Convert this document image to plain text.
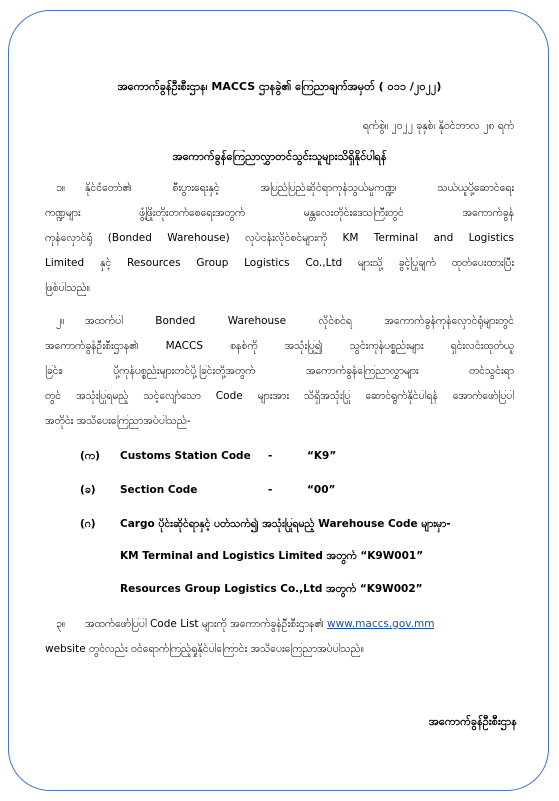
အကောက်ခွန်ဦးစီးဌာန၊ MACCS ဌာနခွဲ၏ ကြေညာချက်အမှတ် ( ၀၁၁ /၂၀၂၂)
ရက်စွဲ။ ၂၀၂၂ ခုနှစ်၊ နိုဝင်ဘာလ ၂၈ ရက်
အကောက်ခွန်ကြေညာလွှာတင်သွင်းသူများသိရှိနိုင်ပါရန်
၁။ နိုင်ငံတော်၏ စီးပွားရေးနှင့် အပြည်ပြည်ဆိုင်ရာကုန်သွယ်မှုကဏ္ဍ၊ သယ်ယူပို့ဆောင်ရေး
ကဏ္ဍများ ဖွံ့ဖြိုးတိုးတက်စေရေးအတွက် မန္တလေးတိုင်းဒေသကြီးတွင် အကောက်ခွန်
ကုန်လှောင်ရုံ (Bonded Warehouse) လုပ်ငန်းလိုင်စင်များကို KM Terminal and Logistics
Limited နှင့် Resources Group Logistics Co.,Ltd များသို့ ခွင့်ပြုချက် ထုတ်ပေးထားပြီး
ဖြစ်ပါသည်။
၂။ အထက်ပါ Bonded Warehouse လိုင်စင်ရ အကောက်ခွန်ကုန်လှောင်ရုံများတွင်
အကောက်ခွန်ဦးစီးဌာန၏ MACCS စနစ်ကို အသုံးပြု၍ သွင်းကုန်ပစ္စည်းများ ရှင်းလင်းထုတ်ယူ
ခြင်း၊ ပို့ကုန်ပစ္စည်းများတင်ပို့ခြင်းတို့အတွက် အကောက်ခွန်ကြေညာလွှာများ တင်သွင်းရာ
တွင် အသုံးပြုရမည့် သင့်လျော်သော Code များအား သိရှိအသုံးပြု ဆောင်ရွက်နိုင်ပါရန် အောက်ဖော်ပြပါ
အတိုင်း အသိပေးကြေညာအပ်ပါသည်-
(က) Customs Station Code -	“K9”
(ခ) Section Code	-	“00”
(ဂ) Cargo ပိုင်းဆိုင်ရာနှင့် ပတ်သက်၍ အသုံးပြုရမည့် Warehouse Code များမှာ-
KM Terminal and Logistics Limited အတွက် “K9W001”
Resources Group Logistics Co.,Ltd အတွက် “K9W002”
၃။ အထက်ဖော်ပြပါ Code List များကို အကောက်ခွန်ဦးစီးဌာန၏ www.maccs.gov.mm
website တွင်လည်း ဝင်ရောက်ကြည့်ရှုနိုင်ပါကြောင်း အသိပေးကြေညာအပ်ပါသည်။
အကောက်ခွန်ဦးစီးဌာန
